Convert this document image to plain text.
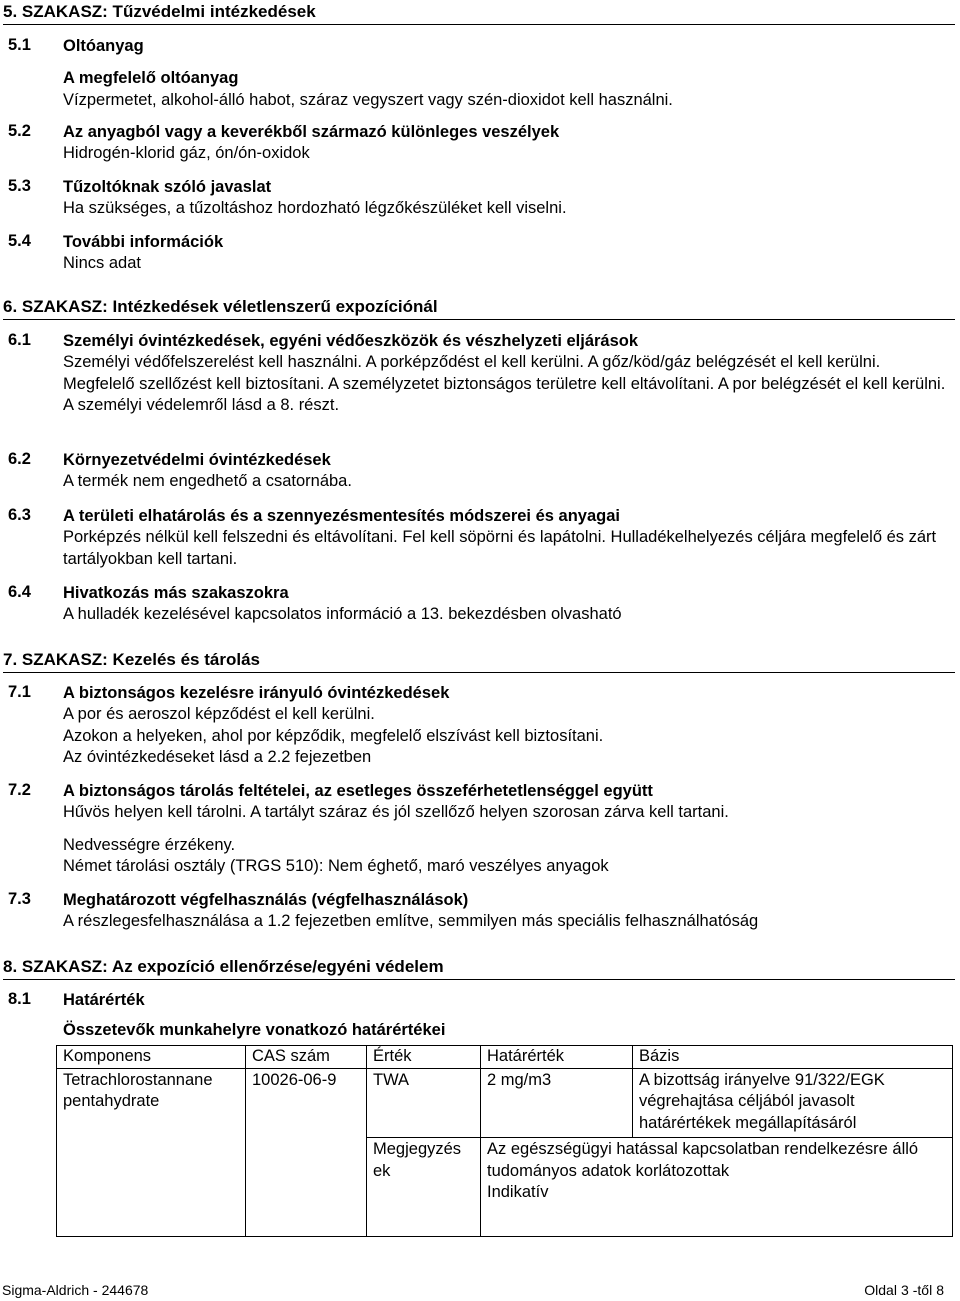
5. SZAKASZ: Tűzvédelmi intézkedések
5.1 Oltóanyag
A megfelelő oltóanyag
Vízpermetet, alkohol-álló habot, száraz vegyszert vagy szén-dioxidot kell használni.
5.2 Az anyagból vagy a keverékből származó különleges veszélyek
Hidrogén-klorid gáz, ón/ón-oxidok
5.3 Tűzoltóknak szóló javaslat
Ha szükséges, a tűzoltáshoz hordozható légzőkészüléket kell viselni.
5.4 További információk
Nincs adat
6. SZAKASZ: Intézkedések véletlenszerű expozíciónál
6.1 Személyi óvintézkedések, egyéni védőeszközök és vészhelyzeti eljárások
Személyi védőfelszerelést kell használni. A porképződést el kell kerülni. A gőz/köd/gáz belégzését el kell kerülni. Megfelelő szellőzést kell biztosítani. A személyzetet biztonságos területre kell eltávolítani. A por belégzését el kell kerülni.
A személyi védelemről lásd a 8. részt.
6.2 Környezetvédelmi óvintézkedések
A termék nem engedhető a csatornába.
6.3 A területi elhatárolás és a szennyezésmentesítés módszerei és anyagai
Porképzés nélkül kell felszedni és eltávolítani. Fel kell söpörni és lapátolni. Hulladékelhelyezés céljára megfelelő és zárt tartályokban kell tartani.
6.4 Hivatkozás más szakaszokra
A hulladék kezelésével kapcsolatos információ a 13. bekezdésben olvasható
7. SZAKASZ: Kezelés és tárolás
7.1 A biztonságos kezelésre irányuló óvintézkedések
A por és aeroszol képződést el kell kerülni.
Azokon a helyeken, ahol por képződik, megfelelő elszívást kell biztosítani.
Az óvintézkedéseket lásd a 2.2 fejezetben
7.2 A biztonságos tárolás feltételei, az esetleges összeférhetetlenséggel együtt
Hűvös helyen kell tárolni. A tartályt száraz és jól szellőző helyen szorosan zárva kell tartani.
Nedvességre érzékeny.
Német tárolási osztály (TRGS 510): Nem éghető, maró veszélyes anyagok
7.3 Meghatározott végfelhasználás (végfelhasználások)
A részlegesfelhasználása a 1.2 fejezetben említve, semmilyen más speciális felhasználhatóság
8. SZAKASZ: Az expozíció ellenőrzése/egyéni védelem
8.1 Határérték
Összetevők munkahelyre vonatkozó határértékei
Komponens	CAS szám	Érték	Határérték	Bázis
Tetrachlorostannane pentahydrate	10026-06-9	TWA	2 mg/m3	A bizottság irányelve 91/322/EGK végrehajtása céljából javasolt határértékek megállapításáról
		Megjegyzés ek	Az egészségügyi hatással kapcsolatban rendelkezésre álló tudományos adatok korlátozottak
Indikatív	
Sigma-Aldrich - 244678	Oldal 3 -től 8
